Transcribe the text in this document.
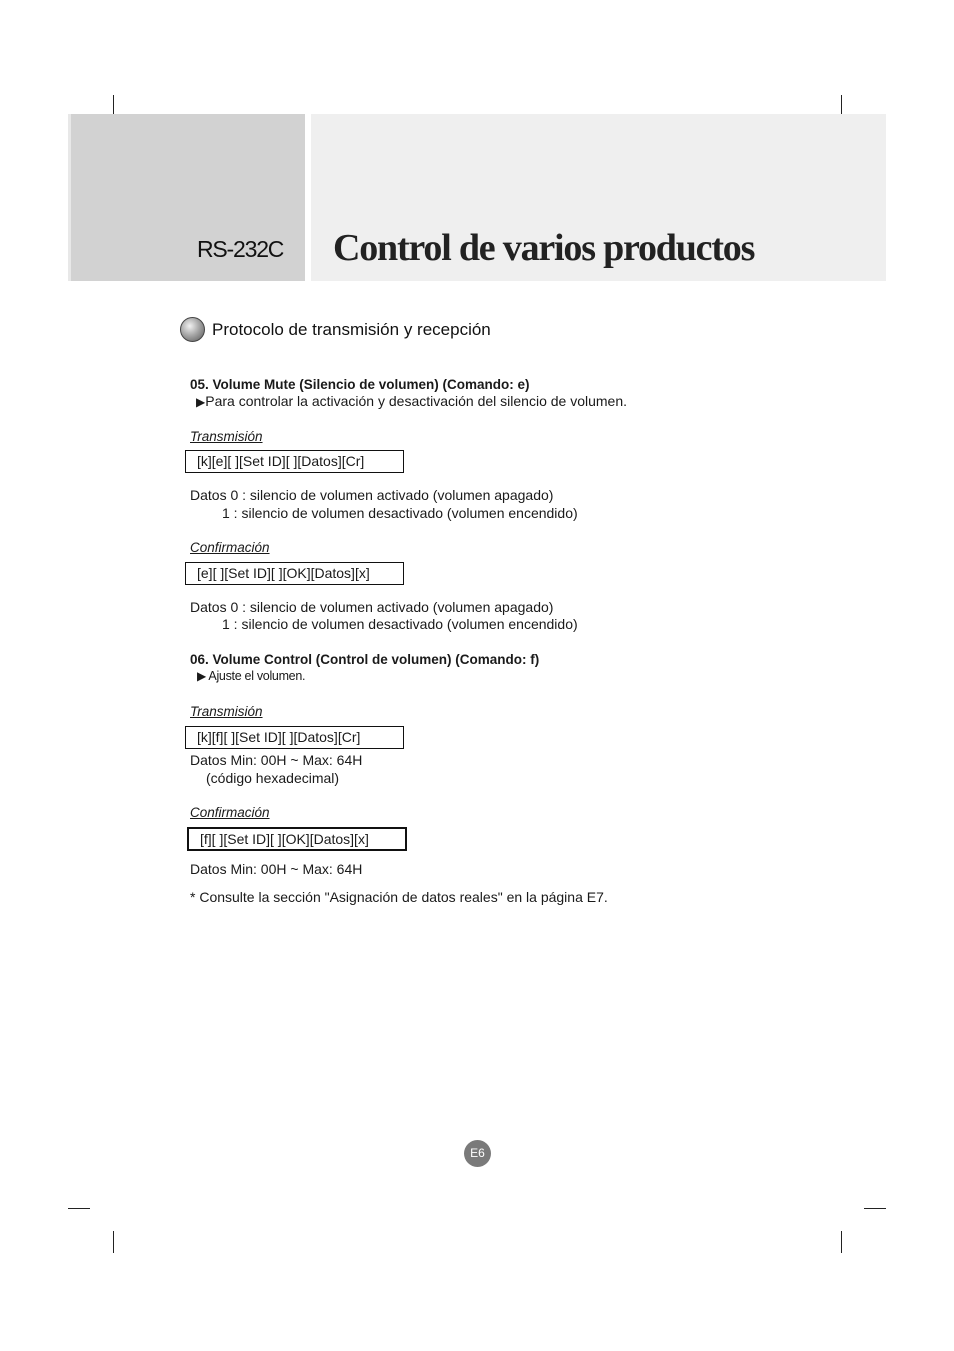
RS-232C Control de varios productos
Protocolo de transmisión y recepción
05. Volume Mute (Silencio de volumen) (Comando: e)
▶Para controlar la activación y desactivación del silencio de volumen.
Transmisión
[k][e][ ][Set ID][ ][Datos][Cr]
Datos 0 : silencio de volumen activado (volumen apagado)
1 : silencio de volumen desactivado (volumen encendido)
Confirmación
[e][ ][Set ID][ ][OK][Datos][x]
Datos 0 : silencio de volumen activado (volumen apagado)
1 : silencio de volumen desactivado (volumen encendido)
06. Volume Control (Control de volumen) (Comando: f)
▶ Ajuste el volumen.
Transmisión
[k][f][ ][Set ID][ ][Datos][Cr]
Datos Min: 00H ~ Max: 64H
(código hexadecimal)
Confirmación
[f][ ][Set ID][ ][OK][Datos][x]
Datos Min: 00H ~ Max: 64H
* Consulte la sección "Asignación de datos reales" en la página E7.
E6
